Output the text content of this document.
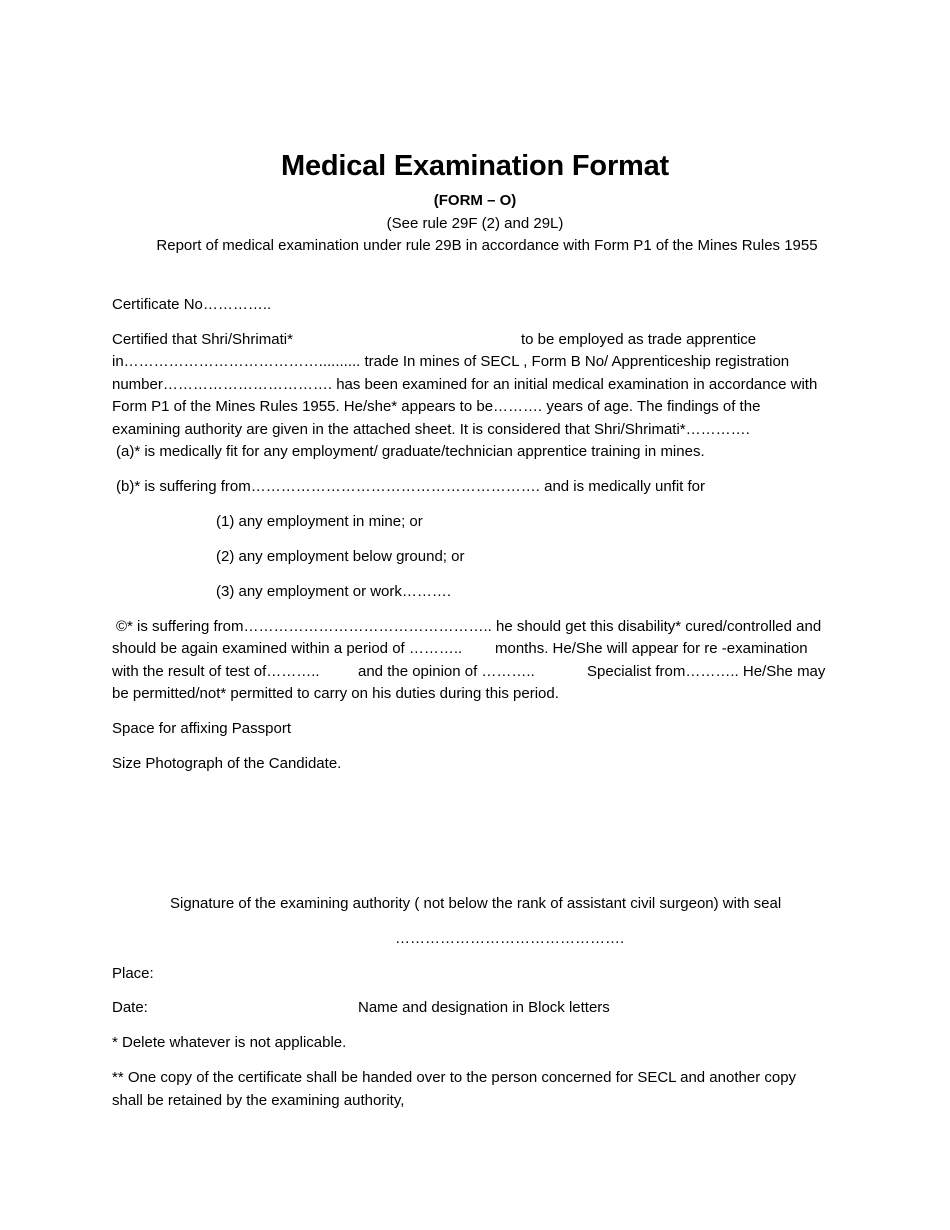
Medical Examination Format
(FORM – O)
(See rule 29F (2) and 29L)
Report of medical examination under rule 29B in accordance with Form P1 of the Mines Rules 1955
Certificate No…………..
Certified that Shri/Shrimati*	to be employed as trade apprentice
in………………………………….......... trade In mines of SECL , Form B No/ Apprenticeship registration
number……………………………. has been examined for an initial medical examination in accordance with
Form P1 of the Mines Rules 1955. He/she* appears to be………. years of age. The findings of the
examining authority are given in the attached sheet. It is considered that Shri/Shrimati*………….
(a)* is medically fit for any employment/ graduate/technician apprentice training in mines.
(b)* is suffering from…………………………………………………. and is medically unfit for
(1) any employment in mine; or
(2) any employment below ground; or
(3) any employment or work……….
©* is suffering from………………………………………….. he should get this disability* cured/controlled and
should be again examined within a period of ……….. months. He/She will appear for re -examination
with the result of test of………..	and the opinion of ………..	Specialist from……….. He/She may
be permitted/not* permitted to carry on his duties during this period.
Space for affixing Passport
Size Photograph of the Candidate.
Signature of the examining authority ( not below the rank of assistant civil surgeon) with seal
……………………………………….
Place:
Date:	Name and designation in Block letters
* Delete whatever is not applicable.
** One copy of the certificate shall be handed over to the person concerned for SECL and another copy
shall be retained by the examining authority,
